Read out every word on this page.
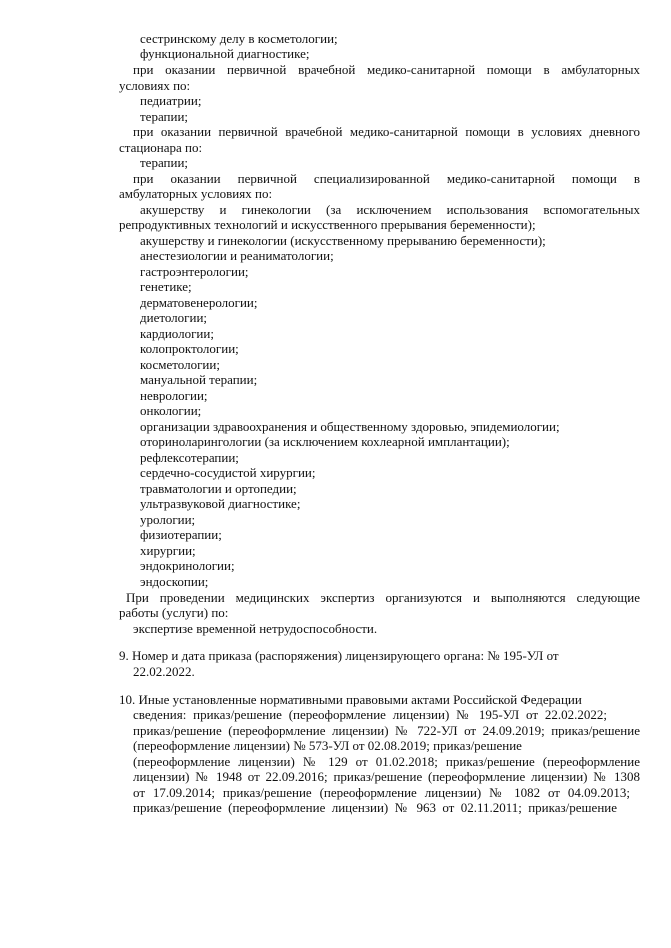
сестринскому делу в косметологии;

функциональной диагностике;

при оказании первичной врачебной медико-санитарной помощи в амбулаторных

условиях по:

педиатрии;

терапии;

при оказании первичной врачебной медико-санитарной помощи в условиях дневного

стационара по:

терапии;

при оказании первичной специализированной медико-санитарной помощи в

амбулаторных условиях по:

акушерству и гинекологии (за исключением использования вспомогательных

репродуктивных технологий и искусственного прерывания беременности);

акушерству и гинекологии (искусственному прерыванию беременности);

анестезиологии и реаниматологии;

гастроэнтерологии;

генетике;

дерматовенерологии;

диетологии;

кардиологии;

колопроктологии;

косметологии;

мануальной терапии;

неврологии;

онкологии;

организации здравоохранения и общественному здоровью, эпидемиологии;

оториноларингологии (за исключением кохлеарной имплантации);

рефлексотерапии;

сердечно-сосудистой хирургии;

травматологии и ортопедии;

ультразвуковой диагностике;

урологии;

физиотерапии;

хирургии;

эндокринологии;

эндоскопии;

При проведении медицинских экспертиз организуются и выполняются следующие

работы (услуги) по:

экспертизе временной нетрудоспособности.

9. Номер и дата приказа (распоряжения) лицензирующего органа: № 195-УЛ от

22.02.2022.

10. Иные установленные нормативными правовыми актами Российской Федерации

сведения: приказ/решение (переоформление лицензии) № 195-УЛ от 22.02.2022;

приказ/решение (переоформление лицензии) № 722-УЛ от 24.09.2019; приказ/решение

(переоформление лицензии) № 573-УЛ от 02.08.2019; приказ/решение

(переоформление лицензии) № 129 от 01.02.2018; приказ/решение (переоформление

лицензии) № 1948 от 22.09.2016; приказ/решение (переоформление лицензии) № 1308

от 17.09.2014; приказ/решение (переоформление лицензии) № 1082 от 04.09.2013;

приказ/решение (переоформление лицензии) № 963 от 02.11.2011; приказ/решение
